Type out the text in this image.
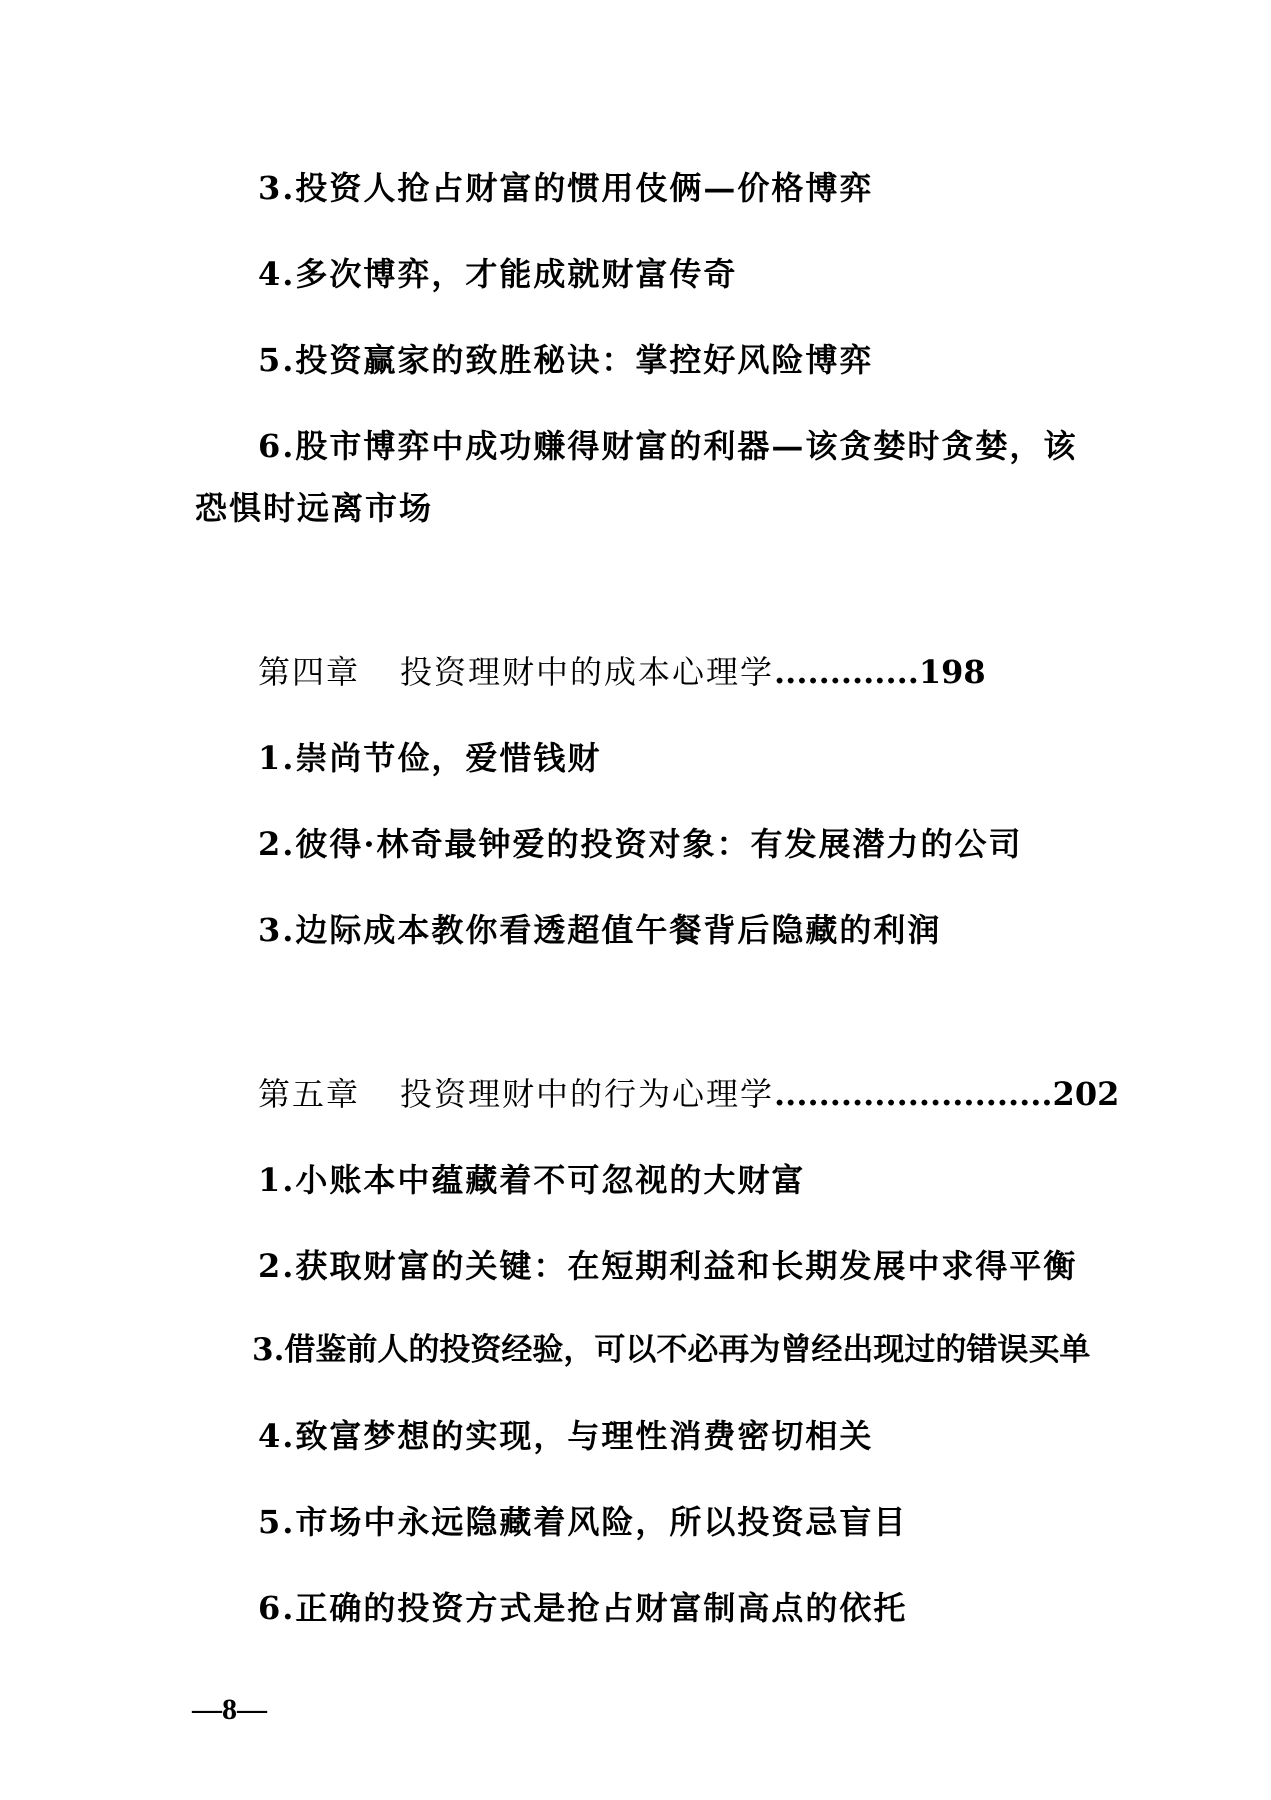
3.投资人抢占财富的惯用伎俩—价格博弈
4.多次博弈，才能成就财富传奇
5.投资赢家的致胜秘诀：掌控好风险博弈
6.股市博弈中成功赚得财富的利器—该贪婪时贪婪，该
恐惧时远离市场
第四章 投资理财中的成本心理学.............198
1.崇尚节俭，爱惜钱财
2.彼得·林奇最钟爱的投资对象：有发展潜力的公司
3.边际成本教你看透超值午餐背后隐藏的利润
第五章 投资理财中的行为心理学.........................202
1.小账本中蕴藏着不可忽视的大财富
2.获取财富的关键：在短期利益和长期发展中求得平衡
3.借鉴前人的投资经验，可以不必再为曾经出现过的错误买单
4.致富梦想的实现，与理性消费密切相关
5.市场中永远隐藏着风险，所以投资忌盲目
6.正确的投资方式是抢占财富制高点的依托
—8—
